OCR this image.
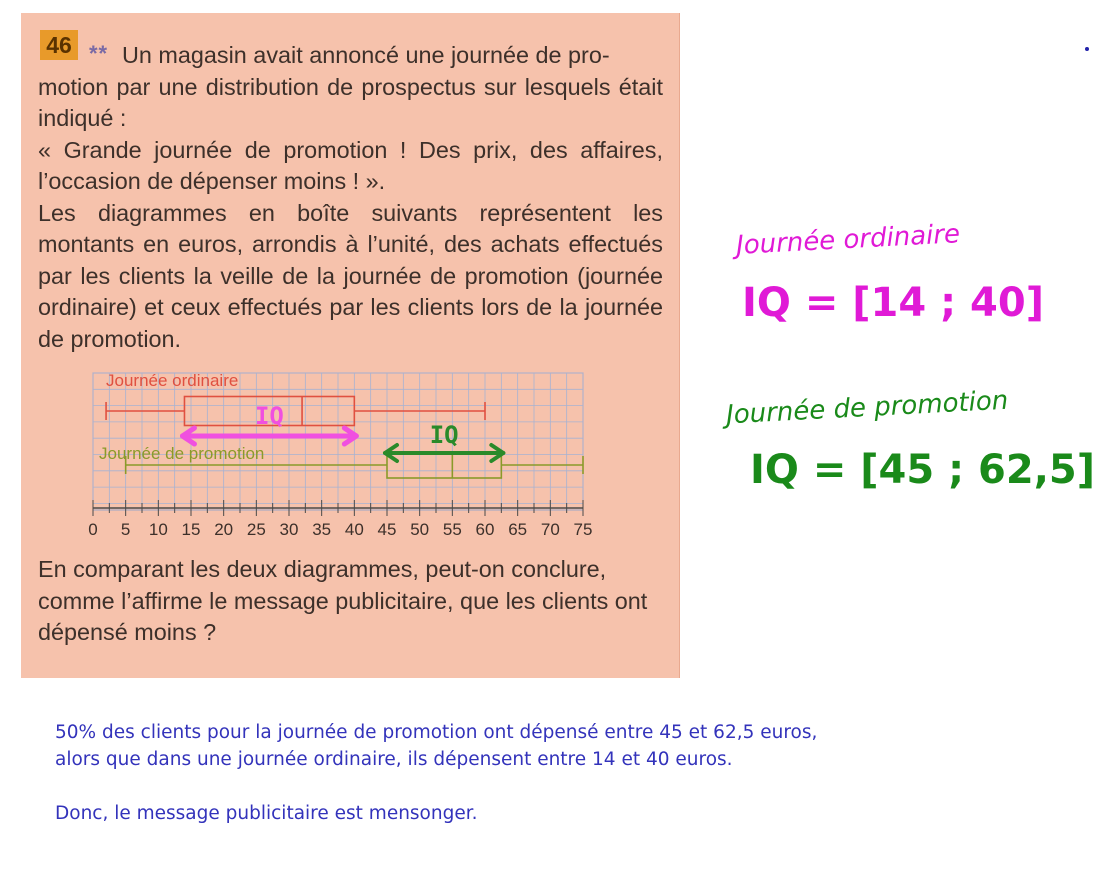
46 ** Un magasin avait annoncé une journée de pro-

motion par une distribution de prospectus sur lesquels était indiqué :

« Grande journée de promotion ! Des prix, des affaires, l’occasion de dépenser moins ! ».

Les diagrammes en boîte suivants représentent les montants en euros, arrondis à l’unité, des achats effectués par les clients la veille de la journée de promotion (journée ordinaire) et ceux effectués par les clients lors de la journée de promotion.

En comparant les deux diagrammes, peut-on conclure, comme l’affirme le message publicitaire, que les clients ont dépensé moins ?

Journée ordinaire
Journée de promotion
0 5 10 15 20 25 30 35 40 45 50 55 60 65 70 75
IQ
IQ
Journée ordinaire
IQ = [14 ; 40]
Journée de promotion
IQ = [45 ; 62,5]

50% des clients pour la journée de promotion ont dépensé entre 45 et 62,5 euros,

alors que dans une journée ordinaire, ils dépensent entre 14 et 40 euros.

Donc, le message publicitaire est mensonger.
